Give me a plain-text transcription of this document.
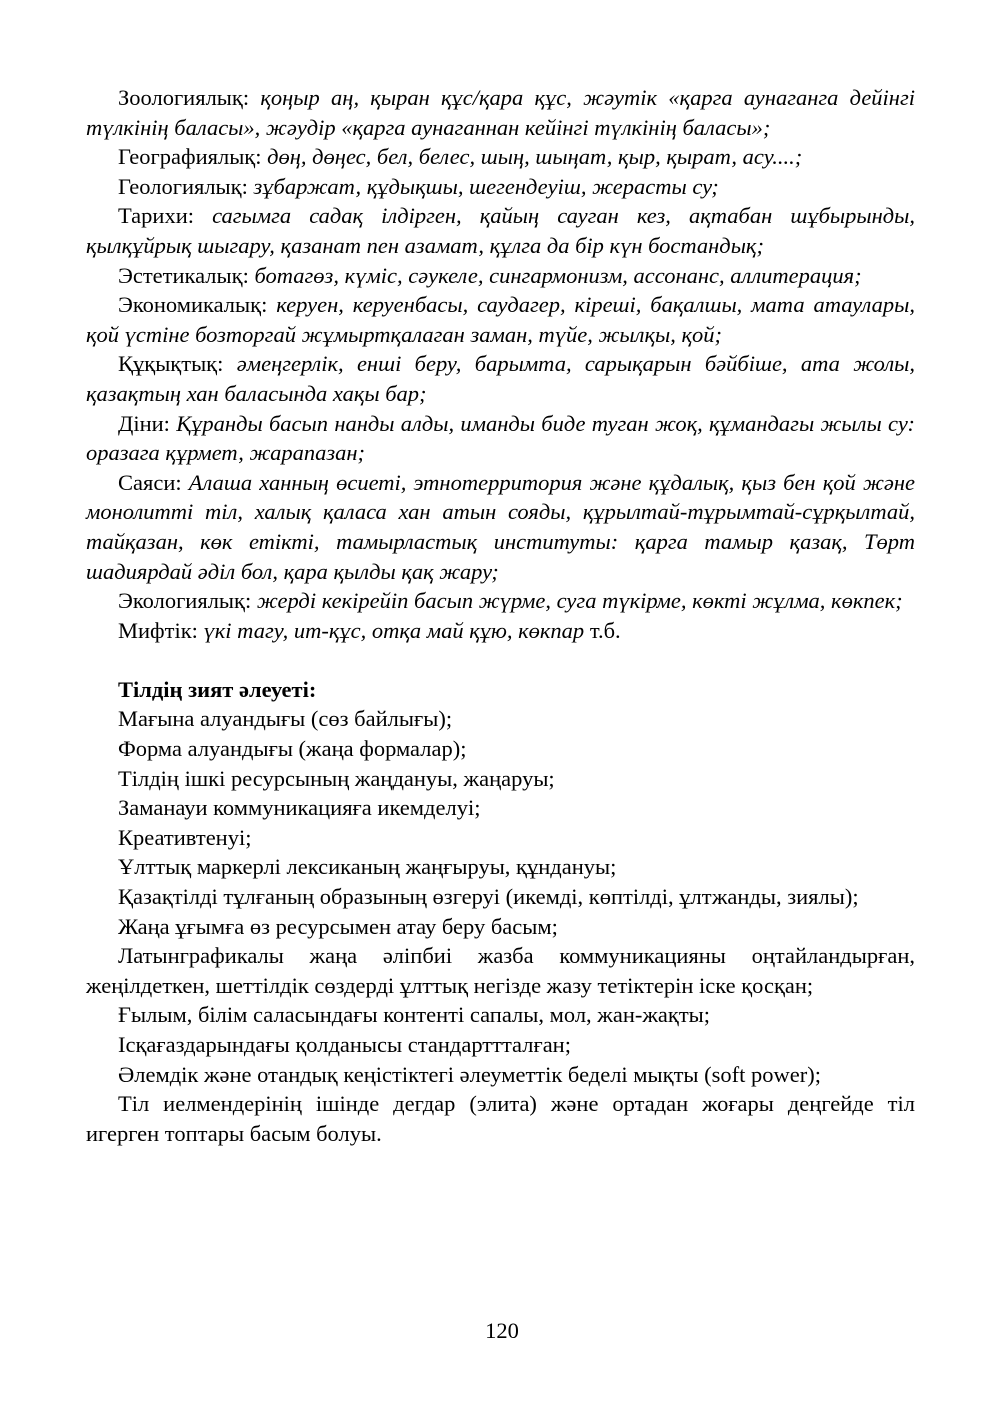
Зоологиялық: қоңыр аң, қыран құс/қара құс, жәутік «қарга аунаганга дейінгі түлкінің баласы», жәудір «қарга аунаганнан кейінгі түлкінің баласы»;

Географиялық: дөң, дөңес, бел, белес, шың, шыңат, қыр, қырат, асу....;

Геологиялық: зұбаржат, құдықшы, шегендеуіш, жерасты су;

Тарихи: сагымга садақ ілдірген, қайың сауган кез, ақтабан шұбырынды, қылқұйрық шыгару, қазанат пен азамат, құлга да бір күн бостандық;

Эстетикалық: ботагөз, күміс, сәукеле, сингармонизм, ассонанс, аллитерация;

Экономикалық: керуен, керуенбасы, саудагер, кіреші, бақалшы, мата атаулары, қой үстіне бозторгай жұмыртқалаган заман, түйе, жылқы, қой;

Құқықтық: әмеңгерлік, енші беру, барымта, сарықарын бәйбіше, ата жолы, қазақтың хан баласында хақы бар;

Діни: Құранды басып нанды алды, иманды биде туган жоқ, құмандагы жылы су: оразага құрмет, жарапазан;

Саяси: Алаша ханның өсиеті, этнотерритория және құдалық, қыз бен қой және монолитті тіл, халық қаласа хан атын сояды, құрылтай-тұрымтай-сұрқылтай, тайқазан, көк етікті, тамырластық институты: қарга тамыр қазақ, Төрт шадиярдай әділ бол, қара қылды қақ жару;

Экологиялық: жерді кекірейіп басып жүрме, суга түкірме, көкті жұлма, көкпек;

Мифтік: үкі тагу, ит-құс, отқа май құю, көкпар т.б.

Тілдің зият әлеуеті:

Мағына алуандығы (сөз байлығы);

Форма алуандығы (жаңа формалар);

Тілдің ішкі ресурсының жаңдануы, жаңаруы;

Заманауи коммуникацияға икемделуі;

Креативтенуі;

Ұлттық маркерлі лексиканың жаңғыруы, құндануы;

Қазақтілді тұлғаның образының өзгеруі (икемді, көптілді, ұлтжанды, зиялы);

Жаңа ұғымға өз ресурсымен атау беру басым;

Латынграфикалы жаңа әліпбиі жазба коммуникацияны оңтайландырған, жеңілдеткен, шеттілдік сөздерді ұлттық негізде жазу тетіктерін іске қосқан;

Ғылым, білім саласындағы контенті сапалы, мол, жан-жақты;

Ісқағаздарындағы қолданысы стандарттталған;

Әлемдік және отандық кеңістіктегі әлеуметтік беделі мықты (soft power);

Тіл иелмендерінің ішінде дегдар (элита) және ортадан жоғары деңгейде тіл игерген топтары басым болуы.

120
